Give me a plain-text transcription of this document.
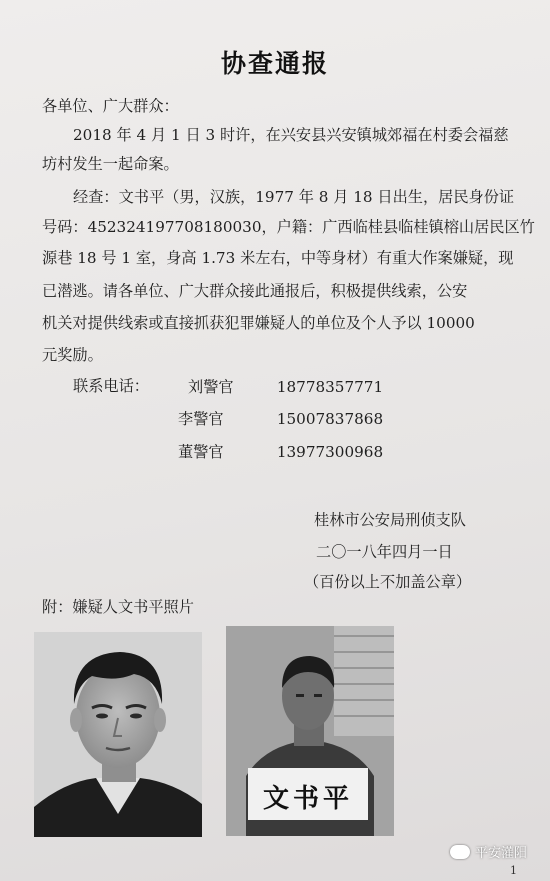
协查通报
各单位、广大群众：
2018 年 4 月 1 日 3 时许，在兴安县兴安镇城郊福在村委会福慈
坊村发生一起命案。
经查：文书平（男，汉族，1977 年 8 月 18 日出生，居民身份证
号码：452324197708180030，户籍：广西临桂县临桂镇榕山居民区竹
源巷 18 号 1 室，身高 1.73 米左右，中等身材）有重大作案嫌疑，现
已潜逃。请各单位、广大群众接此通报后，积极提供线索，公安
机关对提供线索或直接抓获犯罪嫌疑人的单位及个人予以 10000
元奖励。
联系电话：	刘警官	18778357771
李警官	15007837868
董警官	13977300968
桂林市公安局刑侦支队
二〇一八年四月一日
（百份以上不加盖公章）
附：嫌疑人文书平照片
文书平
平安灌阳
1
